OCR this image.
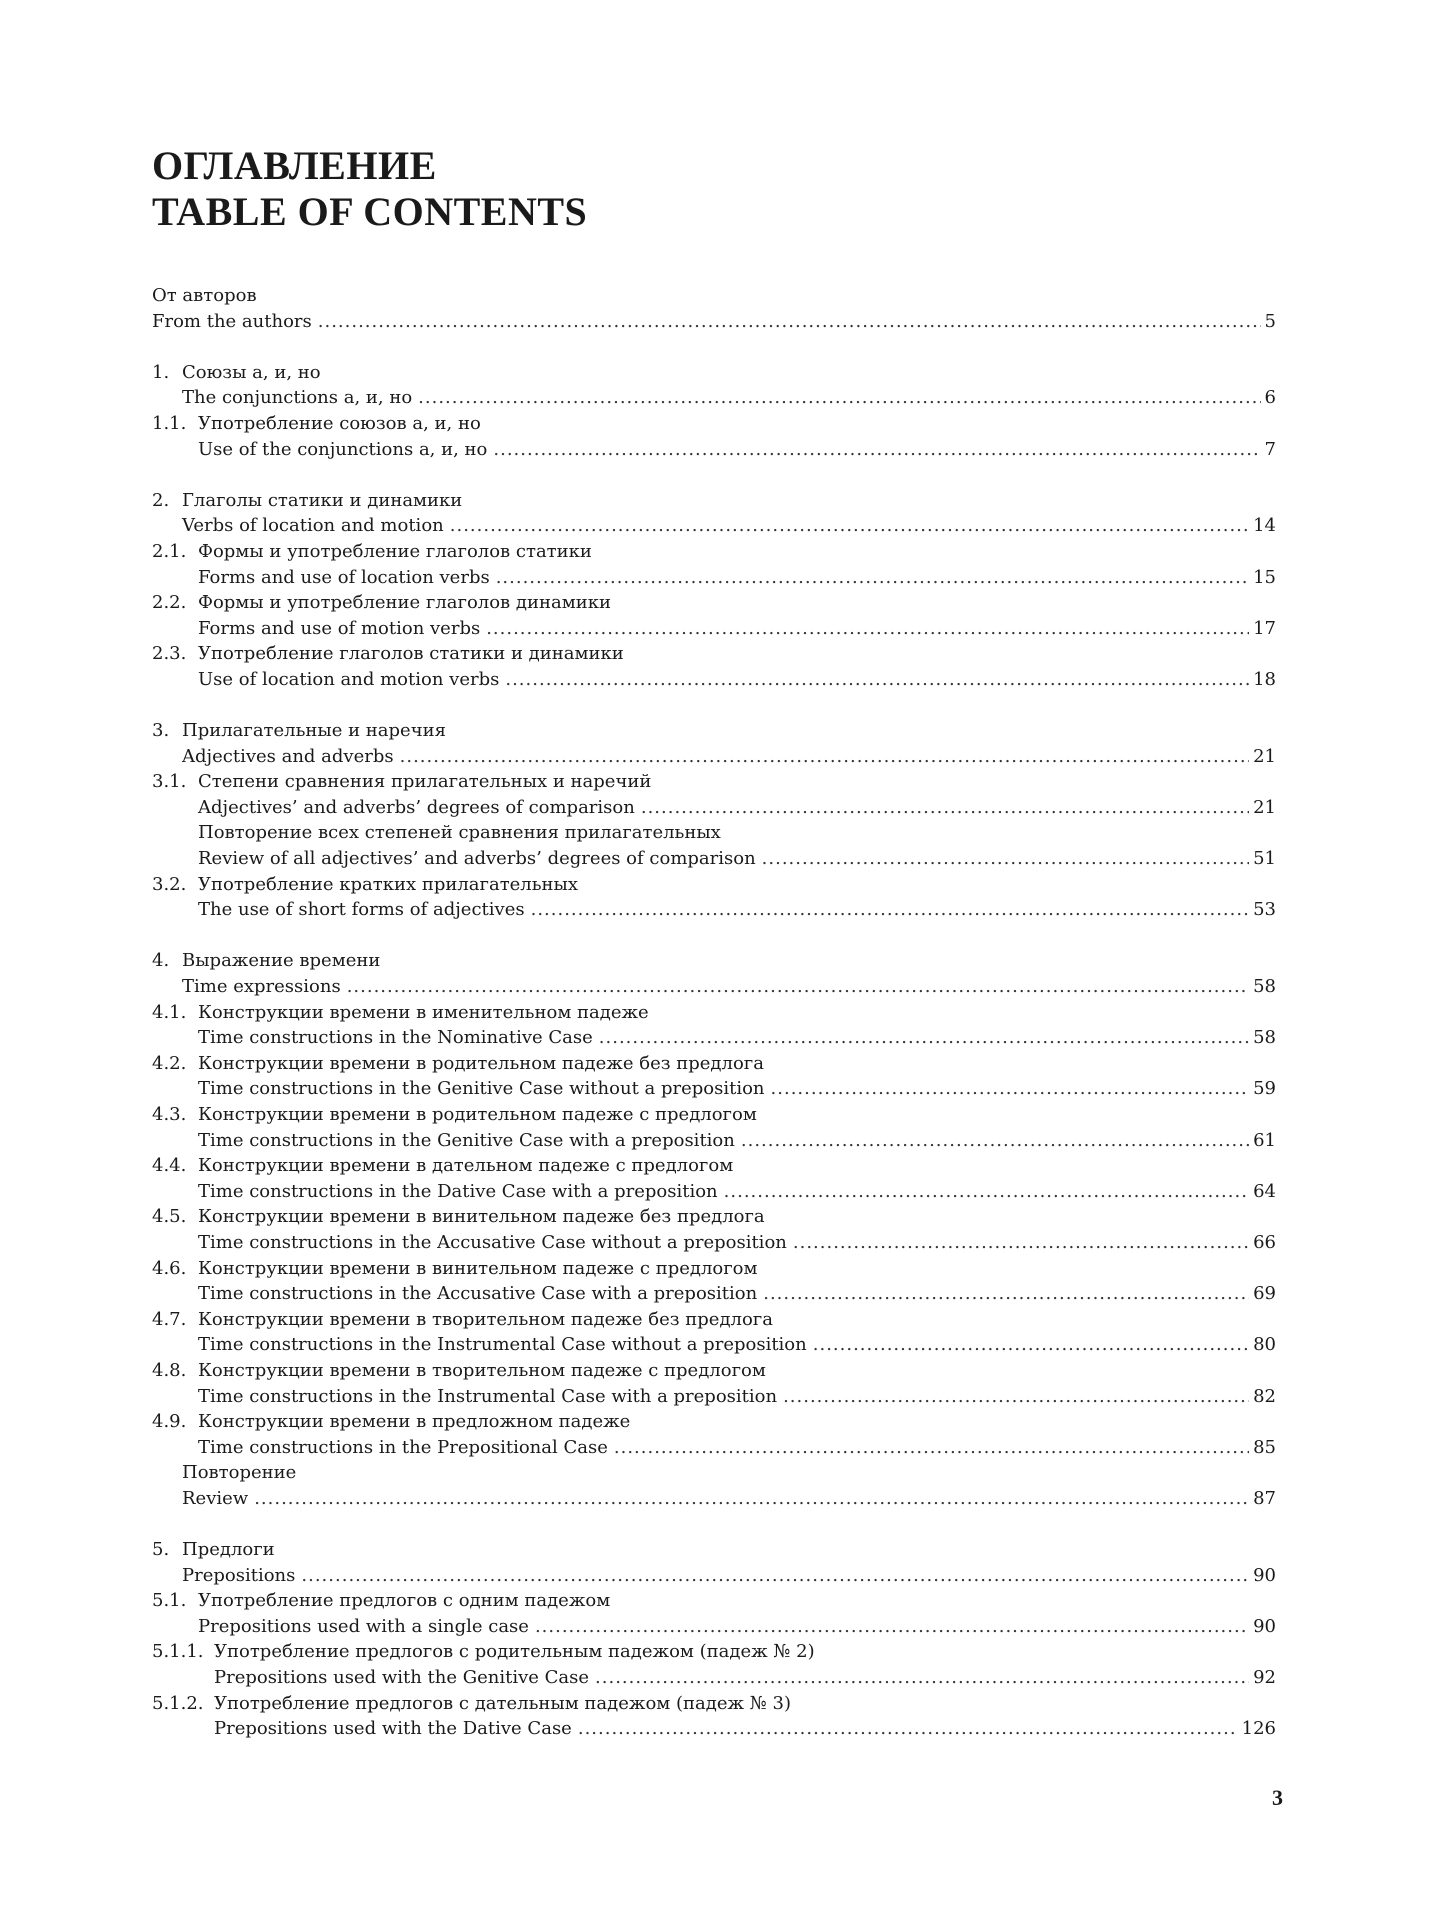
ОГЛАВЛЕНИЕ
TABLE OF CONTENTS
От авторов
From the authors .....	5
1. Союзы а, и, но
The conjunctions а, и, но .....	6
1.1. Употребление союзов а, и, но
Use of the conjunctions а, и, но .....	7
2. Глаголы статики и динамики
Verbs of location and motion .....	14
2.1. Формы и употребление глаголов статики
Forms and use of location verbs .....	15
2.2. Формы и употребление глаголов динамики
Forms and use of motion verbs .....	17
2.3. Употребление глаголов статики и динамики
Use of location and motion verbs .....	18
3. Прилагательные и наречия
Adjectives and adverbs .....	21
3.1. Степени сравнения прилагательных и наречий
Adjectives’ and adverbs’ degrees of comparison .....	21
Повторение всех степеней сравнения прилагательных
Review of all adjectives’ and adverbs’ degrees of comparison .....	51
3.2. Употребление кратких прилагательных
The use of short forms of adjectives .....	53
4. Выражение времени
Time expressions .....	58
4.1. Конструкции времени в именительном падеже
Time constructions in the Nominative Case .....	58
4.2. Конструкции времени в родительном падеже без предлога
Time constructions in the Genitive Case without a preposition .....	59
4.3. Конструкции времени в родительном падеже с предлогом
Time constructions in the Genitive Case with a preposition .....	61
4.4. Конструкции времени в дательном падеже с предлогом
Time constructions in the Dative Case with a preposition .....	64
4.5. Конструкции времени в винительном падеже без предлога
Time constructions in the Accusative Case without a preposition .....	66
4.6. Конструкции времени в винительном падеже с предлогом
Time constructions in the Accusative Case with a preposition .....	69
4.7. Конструкции времени в творительном падеже без предлога
Time constructions in the Instrumental Case without a preposition .....	80
4.8. Конструкции времени в творительном падеже с предлогом
Time constructions in the Instrumental Case with a preposition .....	82
4.9. Конструкции времени в предложном падеже
Time constructions in the Prepositional Case .....	85
Повторение
Review .....	87
5. Предлоги
Prepositions .....	90
5.1. Употребление предлогов с одним падежом
Prepositions used with a single case .....	90
5.1.1. Употребление предлогов с родительным падежом (падеж № 2)
Prepositions used with the Genitive Case .....	92
5.1.2. Употребление предлогов с дательным падежом (падеж № 3)
Prepositions used with the Dative Case .....	126
3
